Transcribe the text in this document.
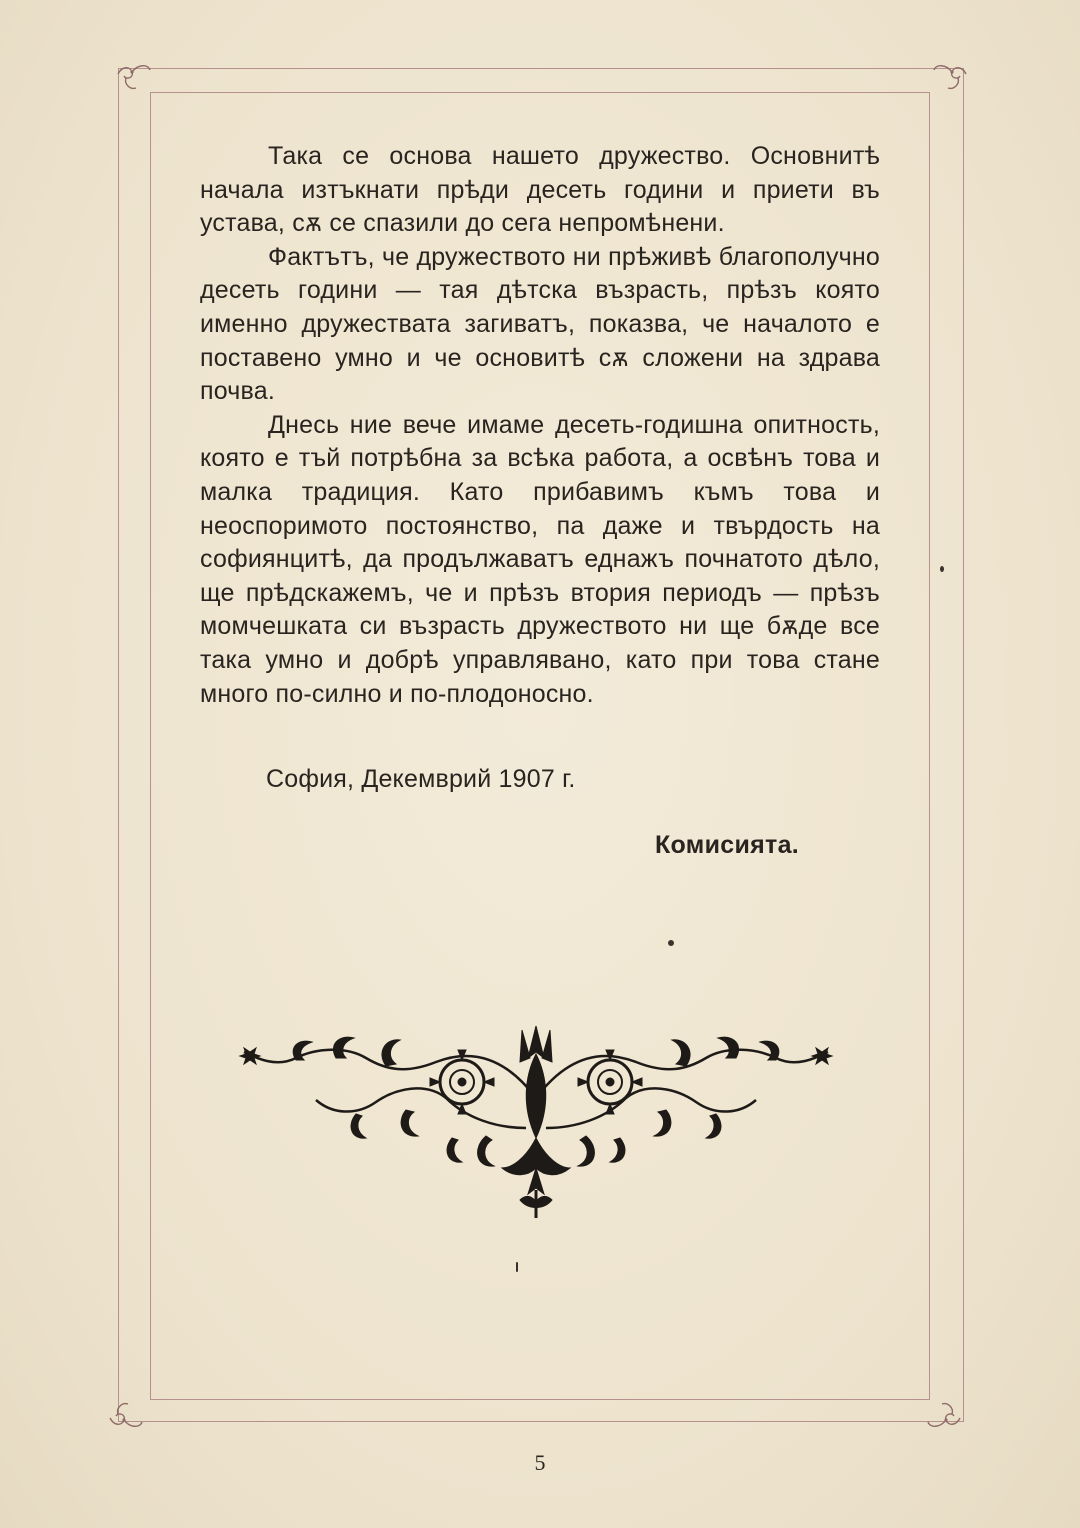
Така се основа нашето дружество. Основнитѣ начала изтъкнати прѣди десеть години и приети въ устава, сѫ се спазили до сега непромѣнени.

Фактътъ, че дружеството ни прѣживѣ благополучно десеть години — тая дѣтска възрасть, прѣзъ която именно дружествата загиватъ, показва, че началото е поставено умно и че основитѣ сѫ сложени на здрава почва.

Днесь ние вече имаме десеть-годишна опитность, която е тъй потрѣбна за всѣка работа, а освѣнъ това и малка традиция. Като прибавимъ къмъ това и неоспоримото постоянство, па даже и твърдость на софиянцитѣ, да продължаватъ еднажъ почнатото дѣло, ще прѣдскажемъ, че и прѣзъ втория периодъ — прѣзъ момчешката си възрасть дружеството ни ще бѫде все така умно и добрѣ управлявано, като при това стане много по-силно и по-плодоносно.

София, Декемврий 1907 г.
Комисията.
5
